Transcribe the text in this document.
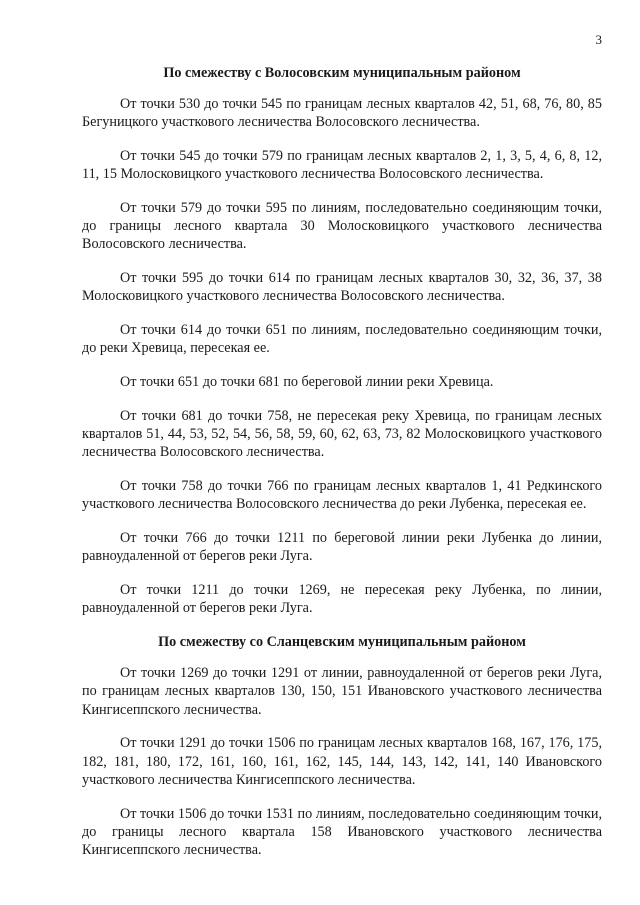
3

По смежеству с Волосовским муниципальным районом

От точки 530 до точки 545 по границам лесных кварталов 42, 51, 68, 76, 80, 85 Бегуницкого участкового лесничества Волосовского лесничества.

От точки 545 до точки 579 по границам лесных кварталов 2, 1, 3, 5, 4, 6, 8, 12, 11, 15 Молосковицкого участкового лесничества Волосовского лесничества.

От точки 579 до точки 595 по линиям, последовательно соединяющим точки, до границы лесного квартала 30 Молосковицкого участкового лесничества Волосовского лесничества.

От точки 595 до точки 614 по границам лесных кварталов 30, 32, 36, 37, 38 Молосковицкого участкового лесничества Волосовского лесничества.

От точки 614 до точки 651 по линиям, последовательно соединяющим точки, до реки Хревица, пересекая ее.

От точки 651 до точки 681 по береговой линии реки Хревица.

От точки 681 до точки 758, не пересекая реку Хревица, по границам лесных кварталов 51, 44, 53, 52, 54, 56, 58, 59, 60, 62, 63, 73, 82 Молосковицкого участкового лесничества Волосовского лесничества.

От точки 758 до точки 766 по границам лесных кварталов 1, 41 Редкинского участкового лесничества Волосовского лесничества до реки Лубенка, пересекая ее.

От точки 766 до точки 1211 по береговой линии реки Лубенка до линии, равноудаленной от берегов реки Луга.

От точки 1211 до точки 1269, не пересекая реку Лубенка, по линии, равноудаленной от берегов реки Луга.

По смежеству со Сланцевским муниципальным районом

От точки 1269 до точки 1291 от линии, равноудаленной от берегов реки Луга, по границам лесных кварталов 130, 150, 151 Ивановского участкового лесничества Кингисеппского лесничества.

От точки 1291 до точки 1506 по границам лесных кварталов 168, 167, 176, 175, 182, 181, 180, 172, 161, 160, 161, 162, 145, 144, 143, 142, 141, 140 Ивановского участкового лесничества Кингисеппского лесничества.

От точки 1506 до точки 1531 по линиям, последовательно соединяющим точки, до границы лесного квартала 158 Ивановского участкового лесничества Кингисеппского лесничества.
